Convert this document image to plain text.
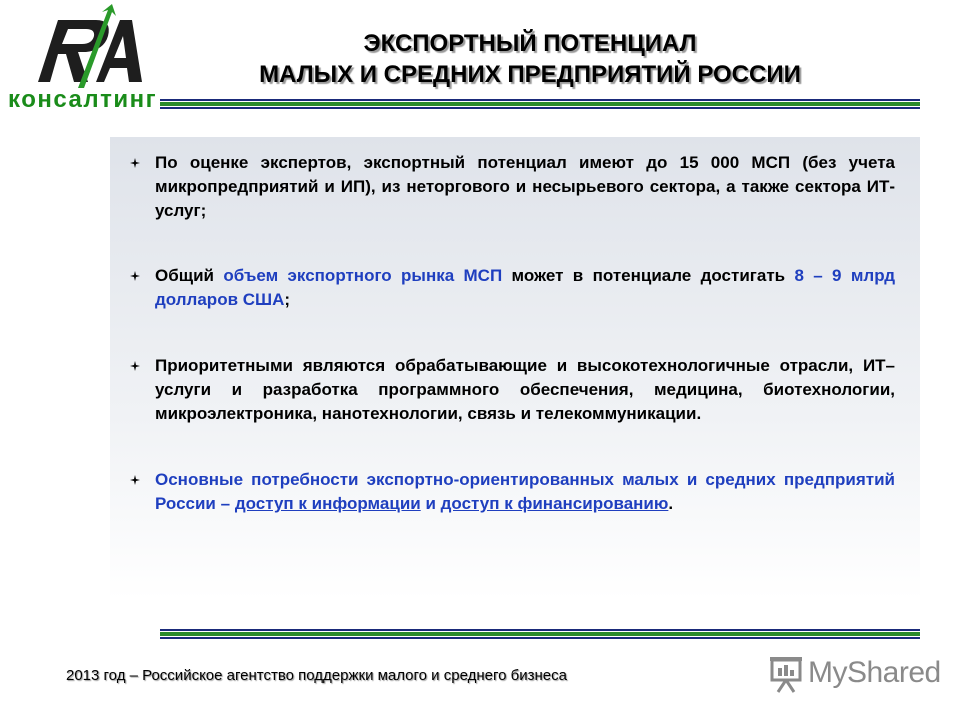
консалтинг
ЭКСПОРТНЫЙ ПОТЕНЦИАЛ
МАЛЫХ И СРЕДНИХ ПРЕДПРИЯТИЙ РОССИИ
По оценке экспертов, экспортный потенциал имеют до 15 000 МСП (без учета микропредприятий и ИП), из неторгового и несырьевого сектора, а также сектора ИТ-услуг;
Общий объем экспортного рынка МСП может в потенциале достигать 8 – 9 млрд долларов США;
Приоритетными являются обрабатывающие и высокотехнологичные отрасли, ИТ–услуги и разработка программного обеспечения, медицина, биотехнологии, микроэлектроника, нанотехнологии, связь и телекоммуникации.
Основные потребности экспортно-ориентированных малых и средних предприятий России – доступ к информации и доступ к финансированию.
2013 год – Российское агентство поддержки малого и среднего бизнеса	MyShared
